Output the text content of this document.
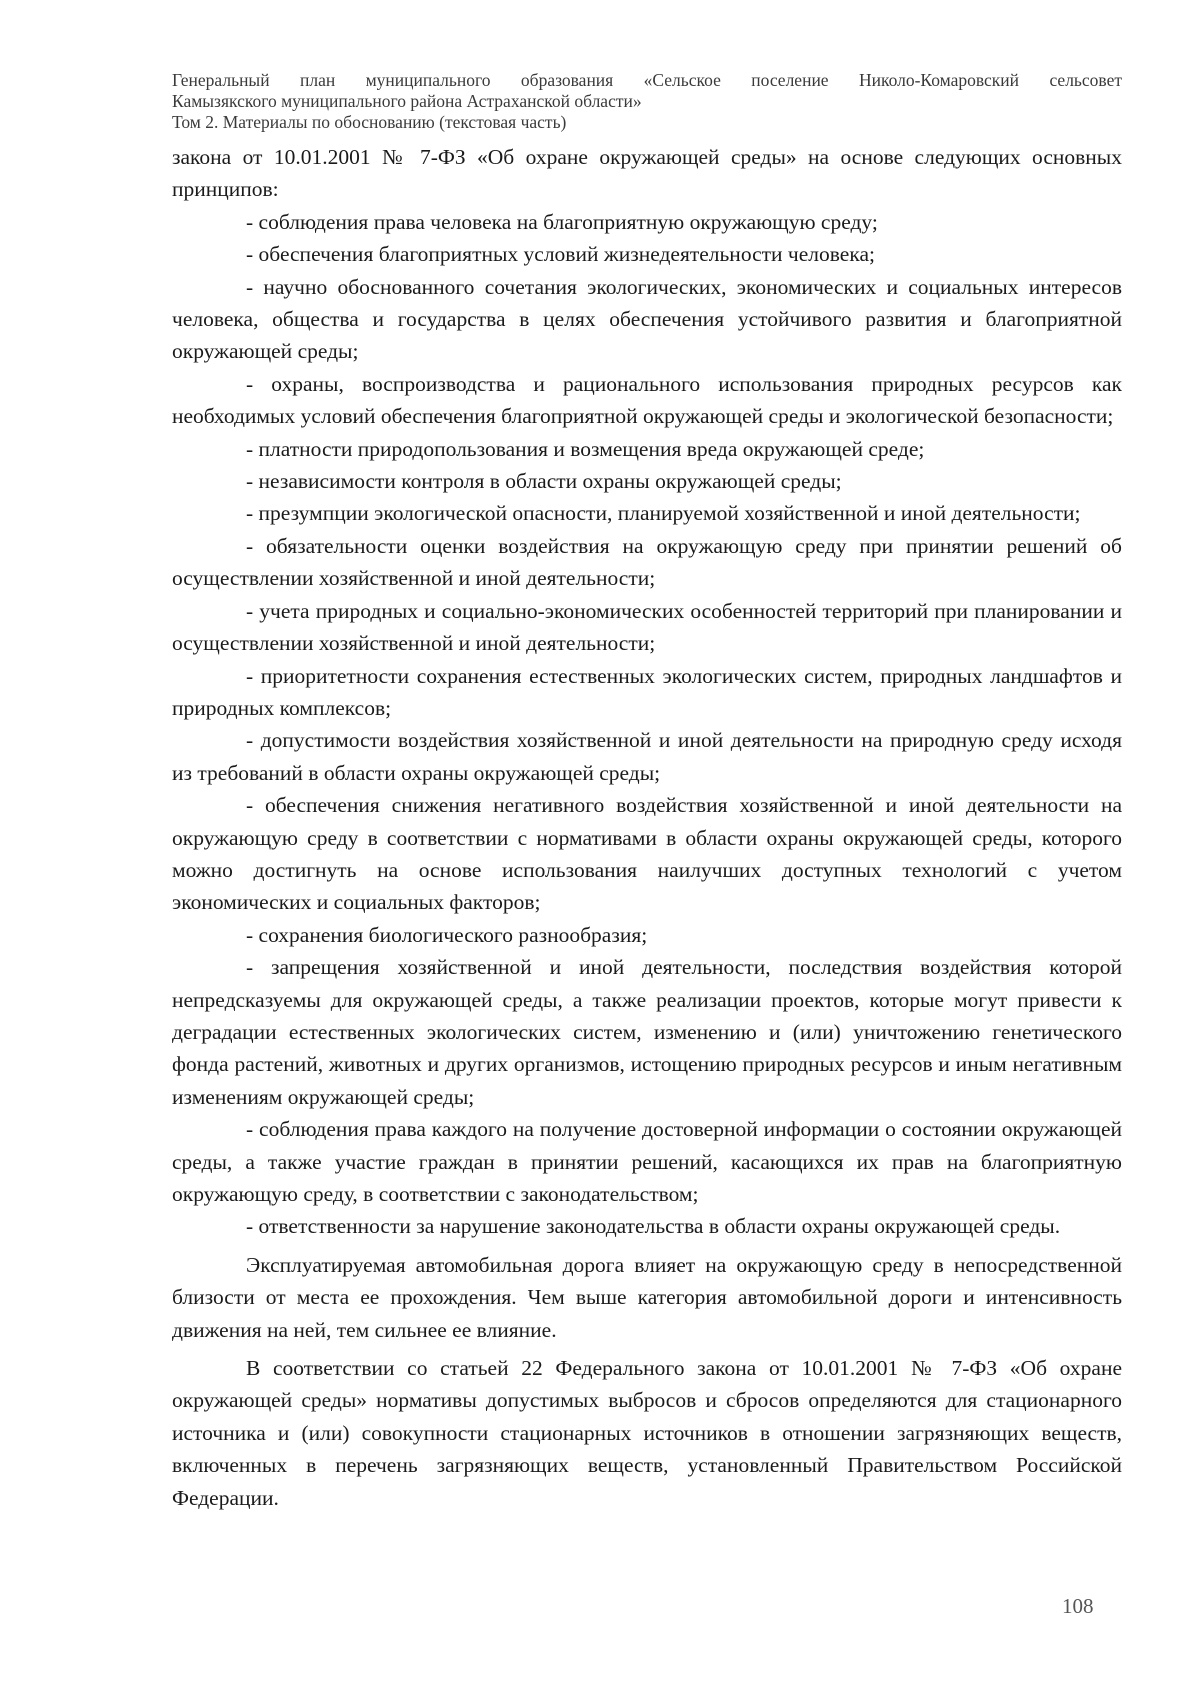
Генеральный план муниципального образования «Сельское поселение Николо-Комаровский сельсовет
Камызякского муниципального района Астраханской области»
Том 2. Материалы по обоснованию (текстовая часть)

закона от 10.01.2001 № 7-ФЗ «Об охране окружающей среды» на основе следующих основных принципов:

- соблюдения права человека на благоприятную окружающую среду;

- обеспечения благоприятных условий жизнедеятельности человека;

- научно обоснованного сочетания экологических, экономических и социальных интересов человека, общества и государства в целях обеспечения устойчивого развития и благоприятной окружающей среды;

- охраны, воспроизводства и рационального использования природных ресурсов как необходимых условий обеспечения благоприятной окружающей среды и экологической безопасности;

- платности природопользования и возмещения вреда окружающей среде;

- независимости контроля в области охраны окружающей среды;

- презумпции экологической опасности, планируемой хозяйственной и иной деятельности;

- обязательности оценки воздействия на окружающую среду при принятии решений об осуществлении хозяйственной и иной деятельности;

- учета природных и социально-экономических особенностей территорий при планировании и осуществлении хозяйственной и иной деятельности;

- приоритетности сохранения естественных экологических систем, природных ландшафтов и природных комплексов;

- допустимости воздействия хозяйственной и иной деятельности на природную среду исходя из требований в области охраны окружающей среды;

- обеспечения снижения негативного воздействия хозяйственной и иной деятельности на окружающую среду в соответствии с нормативами в области охраны окружающей среды, которого можно достигнуть на основе использования наилучших доступных технологий с учетом экономических и социальных факторов;

- сохранения биологического разнообразия;

- запрещения хозяйственной и иной деятельности, последствия воздействия которой непредсказуемы для окружающей среды, а также реализации проектов, которые могут привести к деградации естественных экологических систем, изменению и (или) уничтожению генетического фонда растений, животных и других организмов, истощению природных ресурсов и иным негативным изменениям окружающей среды;

- соблюдения права каждого на получение достоверной информации о состоянии окружающей среды, а также участие граждан в принятии решений, касающихся их прав на благоприятную окружающую среду, в соответствии с законодательством;

- ответственности за нарушение законодательства в области охраны окружающей среды.

Эксплуатируемая автомобильная дорога влияет на окружающую среду в непосредственной близости от места ее прохождения. Чем выше категория автомобильной дороги и интенсивность движения на ней, тем сильнее ее влияние.

В соответствии со статьей 22 Федерального закона от 10.01.2001 № 7-ФЗ «Об охране окружающей среды» нормативы допустимых выбросов и сбросов определяются для стационарного источника и (или) совокупности стационарных источников в отношении загрязняющих веществ, включенных в перечень загрязняющих веществ, установленный Правительством Российской Федерации.

108
